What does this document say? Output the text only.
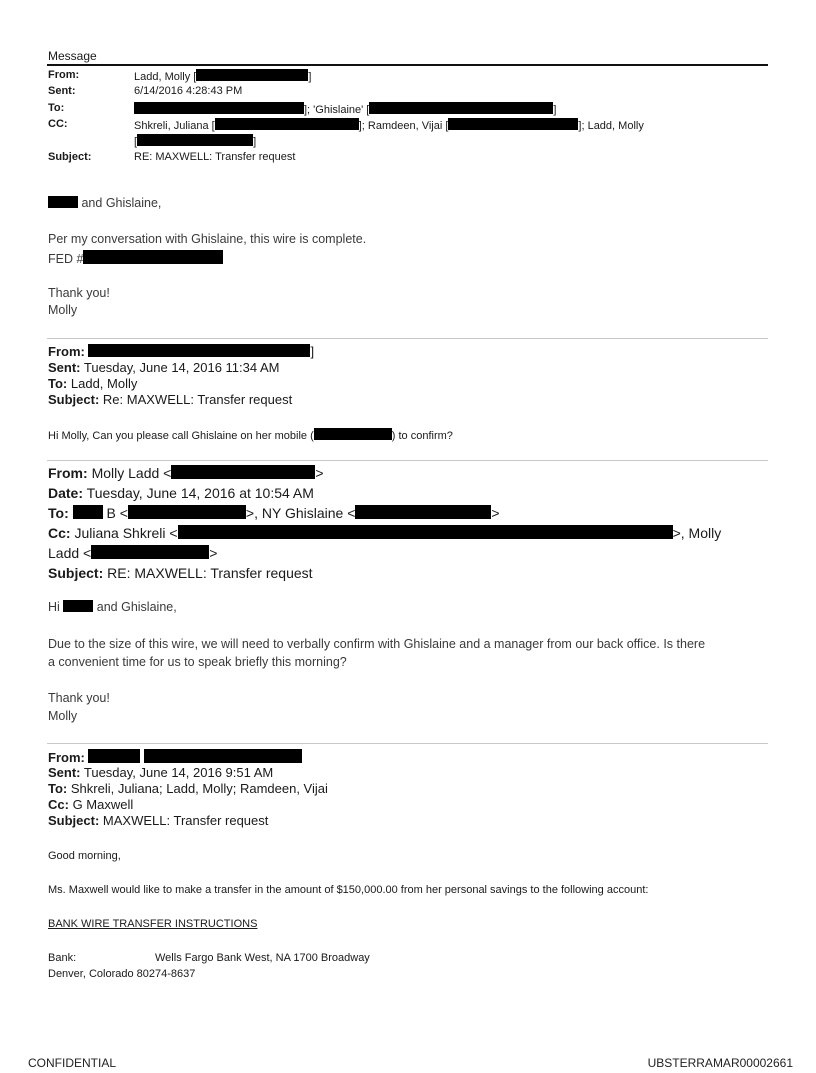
Message
From:	Ladd, Molly [	]
Sent:	6/14/2016 4:28:43 PM
To:	]; 'Ghislaine' [	]
CC:	Shkreli, Juliana [	]; Ramdeen, Vijai [	]; Ladd, Molly
[	]
Subject:	RE: MAXWELL: Transfer request
and Ghislaine,
Per my conversation with Ghislaine, this wire is complete.
FED #
Thank you!
Molly
From:	]
Sent: Tuesday, June 14, 2016 11:34 AM
To: Ladd, Molly
Subject: Re: MAXWELL: Transfer request
Hi Molly, Can you please call Ghislaine on her mobile (	) to confirm?
From: Molly Ladd <	>
Date: Tuesday, June 14, 2016 at 10:54 AM
To:	B <	>, NY Ghislaine <	>
Cc: Juliana Shkreli <	>, Molly
Ladd <	>
Subject: RE: MAXWELL: Transfer request
Hi	and Ghislaine,
Due to the size of this wire, we will need to verbally confirm with Ghislaine and a manager from our back office. Is there
a convenient time for us to speak briefly this morning?
Thank you!
Molly
From:
Sent: Tuesday, June 14, 2016 9:51 AM
To: Shkreli, Juliana; Ladd, Molly; Ramdeen, Vijai
Cc: G Maxwell
Subject: MAXWELL: Transfer request
Good morning,
Ms. Maxwell would like to make a transfer in the amount of $150,000.00 from her personal savings to the following account:
BANK WIRE TRANSFER INSTRUCTIONS
Bank:	Wells Fargo Bank West, NA 1700 Broadway
Denver, Colorado 80274-8637
CONFIDENTIAL	UBSTERRAMAR00002661
